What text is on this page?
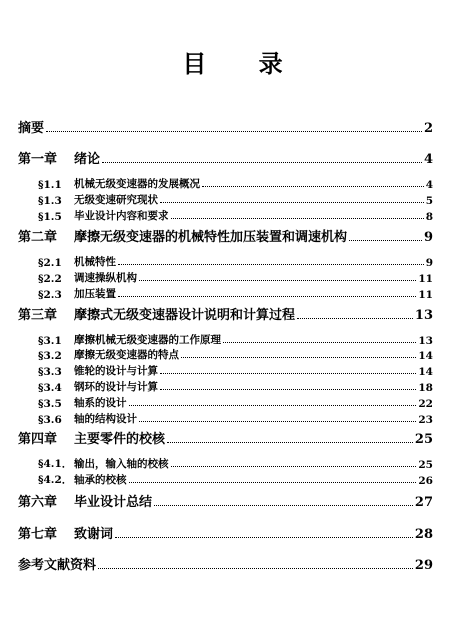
目 录
摘要	2
第一章	绪论	4
§1.1	机械无级变速器的发展概况	4
§1.3	无级变速研究现状	5
§1.5	毕业设计内容和要求	8
第二章	摩擦无级变速器的机械特性加压装置和调速机构	9
§2.1	机械特性	9
§2.2	调速操纵机构	11
§2.3	加压装置	11
第三章	摩擦式无级变速器设计说明和计算过程	13
§3.1	摩擦机械无级变速器的工作原理	13
§3.2	摩擦无级变速器的特点	14
§3.3	锥轮的设计与计算	14
§3.4	钢环的设计与计算	18
§3.5	轴系的设计	22
§3.6	轴的结构设计	23
第四章	主要零件的校核	25
§4.1． 输出，输入轴的校核	25
§4.2． 轴承的校核	26
第六章	毕业设计总结	27
第七章	致谢词	28
参考文献资料	29
